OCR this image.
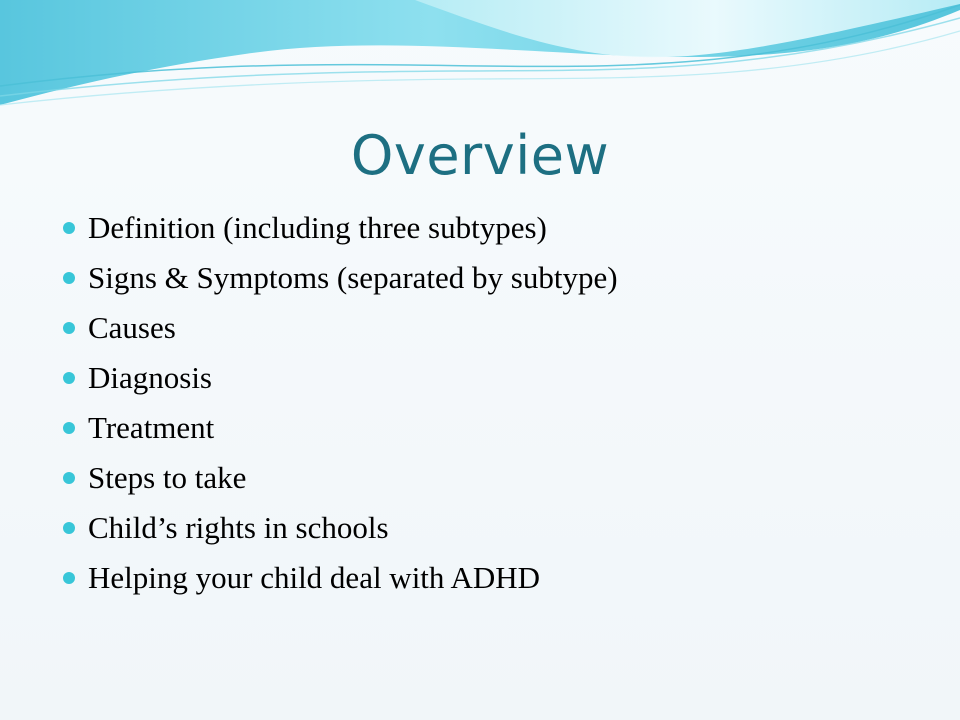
Overview
Definition (including three subtypes)
Signs & Symptoms (separated by subtype)
Causes
Diagnosis
Treatment
Steps to take
Child’s rights in schools
Helping your child deal with ADHD
